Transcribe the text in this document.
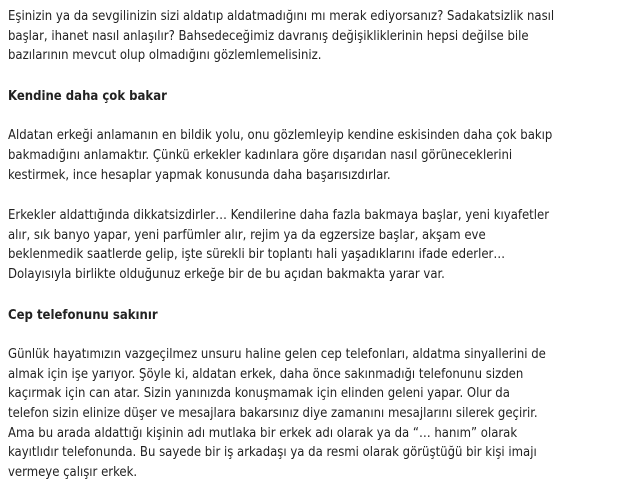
Eşinizin ya da sevgilinizin sizi aldatıp aldatmadığını mı merak ediyorsanız? Sadakatsizlik nasıl
başlar, ihanet nasıl anlaşılır? Bahsedeceğimiz davranış değişikliklerinin hepsi değilse bile
bazılarının mevcut olup olmadığını gözlemlemelisiniz.

Kendine daha çok bakar

Aldatan erkeği anlamanın en bildik yolu, onu gözlemleyip kendine eskisinden daha çok bakıp
bakmadığını anlamaktır. Çünkü erkekler kadınlara göre dışarıdan nasıl görüneceklerini
kestirmek, ince hesaplar yapmak konusunda daha başarısızdırlar.

Erkekler aldattığında dikkatsizdirler… Kendilerine daha fazla bakmaya başlar, yeni kıyafetler
alır, sık banyo yapar, yeni parfümler alır, rejim ya da egzersize başlar, akşam eve
beklenmedik saatlerde gelip, işte sürekli bir toplantı hali yaşadıklarını ifade ederler…
Dolayısıyla birlikte olduğunuz erkeğe bir de bu açıdan bakmakta yarar var.

Cep telefonunu sakınır

Günlük hayatımızın vazgeçilmez unsuru haline gelen cep telefonları, aldatma sinyallerini de
almak için işe yarıyor. Şöyle ki, aldatan erkek, daha önce sakınmadığı telefonunu sizden
kaçırmak için can atar. Sizin yanınızda konuşmamak için elinden geleni yapar. Olur da
telefon sizin elinize düşer ve mesajlara bakarsınız diye zamanını mesajlarını silerek geçirir.
Ama bu arada aldattığı kişinin adı mutlaka bir erkek adı olarak ya da “… hanım” olarak
kayıtlıdır telefonunda. Bu sayede bir iş arkadaşı ya da resmi olarak görüştüğü bir kişi imajı
vermeye çalışır erkek.
